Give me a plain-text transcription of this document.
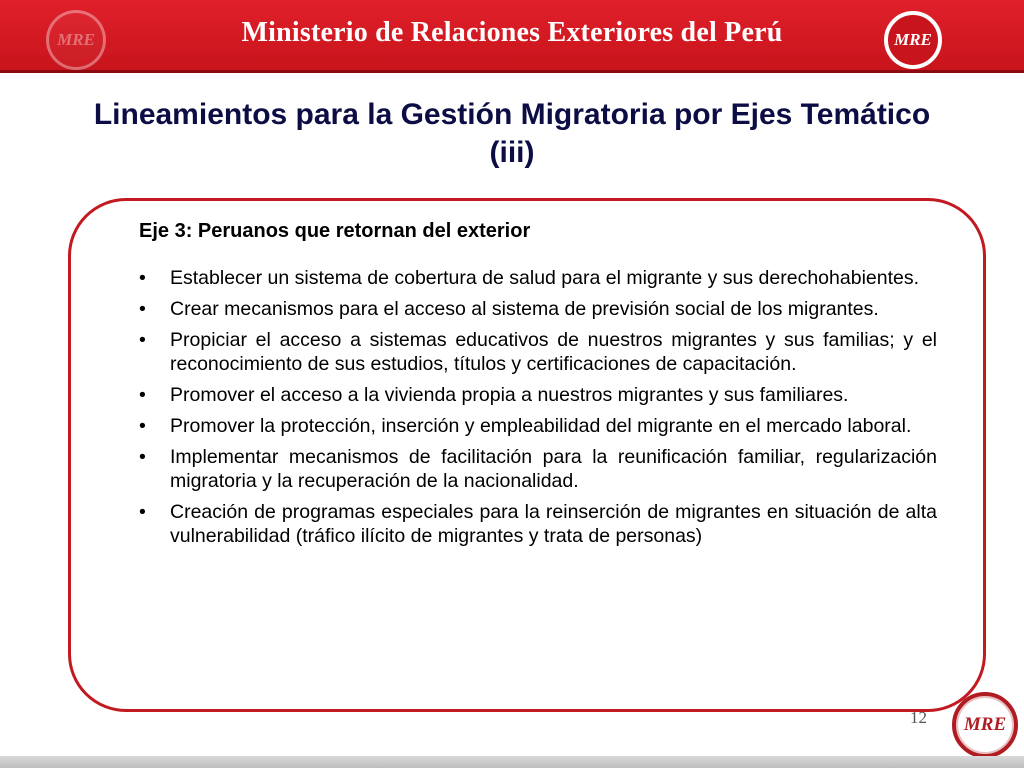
MRE	Ministerio de Relaciones Exteriores del Perú	MRE
Lineamientos para la Gestión Migratoria por Ejes Temático (iii)
Eje 3: Peruanos que retornan del exterior
•	Establecer un sistema de cobertura de salud para el migrante y sus derechohabientes.
•	Crear mecanismos para el acceso al sistema de previsión social de los migrantes.
•	Propiciar el acceso a sistemas educativos de nuestros migrantes y sus familias; y el reconocimiento de sus estudios, títulos y certificaciones de capacitación.
•	Promover el acceso a la vivienda propia a nuestros migrantes y sus familiares.
•	Promover la protección, inserción y empleabilidad del migrante en el mercado laboral.
•	Implementar mecanismos de facilitación para la reunificación familiar, regularización migratoria y la recuperación de la nacionalidad.
•	Creación de programas especiales para la reinserción de migrantes en situación de alta vulnerabilidad (tráfico ilícito de migrantes y trata de personas)
12	MRE
